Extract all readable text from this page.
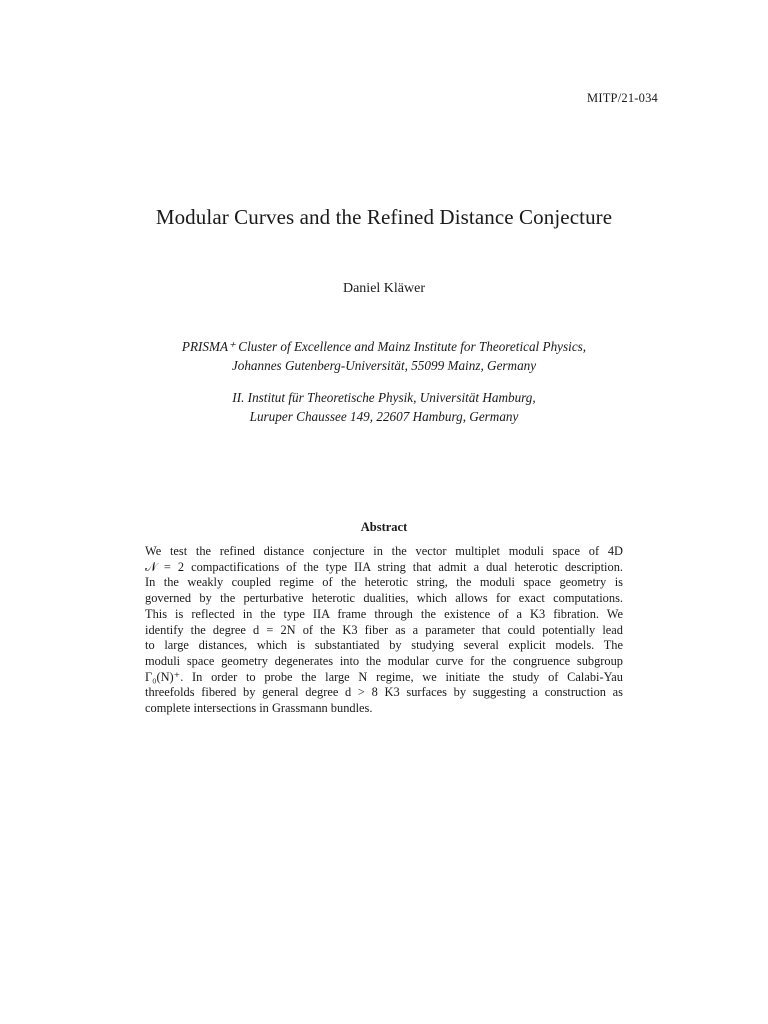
MITP/21-034
Modular Curves and the Refined Distance Conjecture
Daniel Kläwer
PRISMA⁺ Cluster of Excellence and Mainz Institute for Theoretical Physics,
Johannes Gutenberg-Universität, 55099 Mainz, Germany
II. Institut für Theoretische Physik, Universität Hamburg,
Luruper Chaussee 149, 22607 Hamburg, Germany
Abstract
We test the refined distance conjecture in the vector multiplet moduli space of 4D
𝒩 = 2 compactifications of the type IIA string that admit a dual heterotic description.
In the weakly coupled regime of the heterotic string, the moduli space geometry is
governed by the perturbative heterotic dualities, which allows for exact computations.
This is reflected in the type IIA frame through the existence of a K3 fibration. We
identify the degree d = 2N of the K3 fiber as a parameter that could potentially lead
to large distances, which is substantiated by studying several explicit models. The
moduli space geometry degenerates into the modular curve for the congruence subgroup
Γ₀(N)⁺. In order to probe the large N regime, we initiate the study of Calabi-Yau
threefolds fibered by general degree d > 8 K3 surfaces by suggesting a construction as
complete intersections in Grassmann bundles.
